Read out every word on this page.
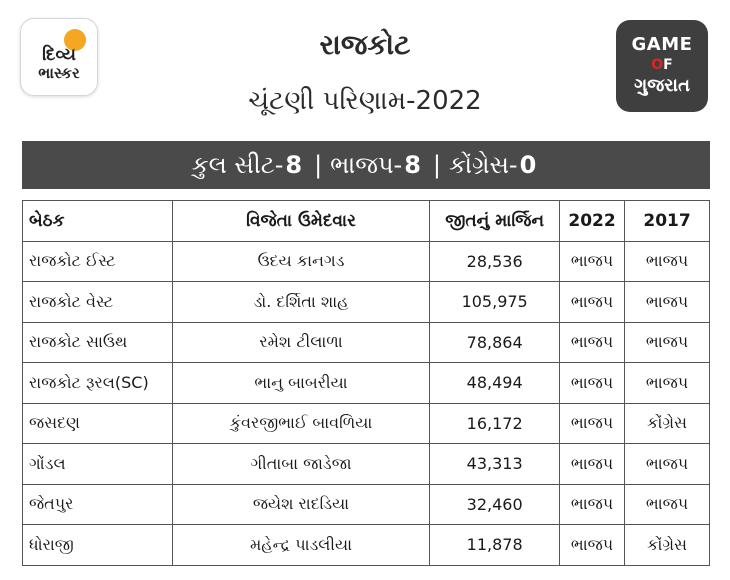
દિવ્ય
ભાસ્કર
GAME
OF
ગુજરાત
રાજકોટ
ચૂંટણી પરિણામ-2022
કુલ સીટ- 8 | ભાજપ- 8 | કોંગ્રેસ- 0
બેઠક	વિજેતા ઉમેદવાર	જીતનું માર્જિન	2022	2017
રાજકોટ ઈસ્ટ	ઉદય કાનગડ	28,536	ભાજપ	ભાજપ
રાજકોટ વેસ્ટ	ડો. દર્શિતા શાહ	105,975	ભાજપ	ભાજપ
રાજકોટ સાઉથ	રમેશ ટીલાળા	78,864	ભાજપ	ભાજપ
રાજકોટ રૂરલ(SC)	ભાનુ બાબરીયા	48,494	ભાજપ	ભાજપ
જસદણ	કુંવરજીભાઈ બાવળિયા	16,172	ભાજપ	કોંગ્રેસ
ગોંડલ	ગીતાબા જાડેજા	43,313	ભાજપ	ભાજપ
જેતપુર	જયેશ રાદડિયા	32,460	ભાજપ	ભાજપ
ધોરાજી	મહેન્દ્ર પાડલીયા	11,878	ભાજપ	કોંગ્રેસ
